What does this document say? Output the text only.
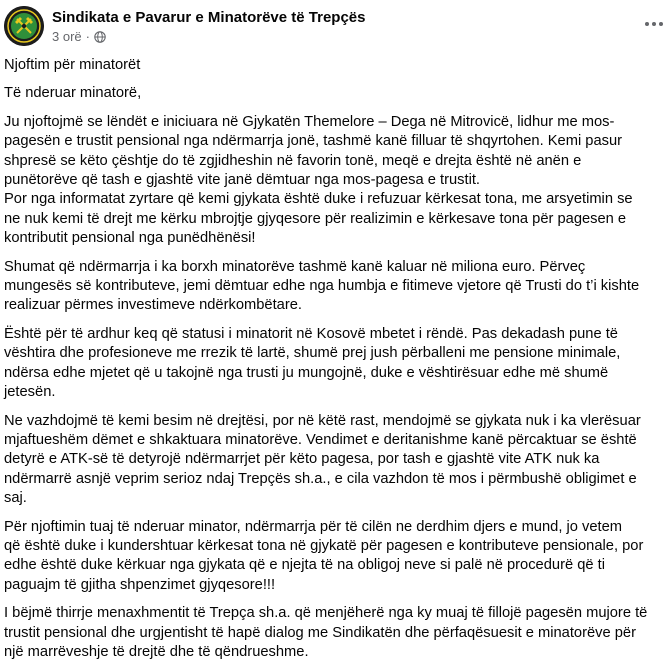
Sindikata e Pavarur e Minatorëve të Trepçës
3 orë ·

Njoftim për minatorët

Të nderuar minatorë,

Ju njoftojmë se lëndët e iniciuara në Gjykatën Themelore – Dega në Mitrovicë, lidhur me mos-
pagesën e trustit pensional nga ndërmarrja jonë, tashmë kanë filluar të shqyrtohen. Kemi pasur
shpresë se këto çështje do të zgjidheshin në favorin tonë, meqë e drejta është në anën e
punëtorëve që tash e gjashtë vite janë dëmtuar nga mos-pagesa e trustit.
Por nga informatat zyrtare që kemi gjykata është duke i refuzuar kërkesat tona, me arsyetimin se
ne nuk kemi të drejt me kërku mbrojtje gjyqesore për realizimin e kërkesave tona për pagesen e
kontributit pensional nga punëdhënësi!

Shumat që ndërmarrja i ka borxh minatorëve tashmë kanë kaluar në miliona euro. Përveç
mungesës së kontributeve, jemi dëmtuar edhe nga humbja e fitimeve vjetore që Trusti do t’i kishte
realizuar përmes investimeve ndërkombëtare.

Është për të ardhur keq që statusi i minatorit në Kosovë mbetet i rëndë. Pas dekadash pune të
vështira dhe profesioneve me rrezik të lartë, shumë prej jush përballeni me pensione minimale,
ndërsa edhe mjetet që u takojnë nga trusti ju mungojnë, duke e vështirësuar edhe më shumë
jetesën.

Ne vazhdojmë të kemi besim në drejtësi, por në këtë rast, mendojmë se gjykata nuk i ka vlerësuar
mjaftueshëm dëmet e shkaktuara minatorëve. Vendimet e deritanishme kanë përcaktuar se është
detyrë e ATK-së të detyrojë ndërmarrjet për këto pagesa, por tash e gjashtë vite ATK nuk ka
ndërmarrë asnjë veprim serioz ndaj Trepçës sh.a., e cila vazhdon të mos i përmbushë obligimet e
saj.

Për njoftimin tuaj të nderuar minator, ndërmarrja për të cilën ne derdhim djers e mund, jo vetem
që është duke i kundershtuar kërkesat tona në gjykatë për pagesen e kontributeve pensionale, por
edhe është duke kërkuar nga gjykata që e njejta të na obligoj neve si palë në procedurë që ti
paguajm të gjitha shpenzimet gjyqesore!!!

I bëjmë thirrje menaxhmentit të Trepça sh.a. që menjëherë nga ky muaj të fillojë pagesën mujore të
trustit pensional dhe urgjentisht të hapë dialog me Sindikatën dhe përfaqësuesit e minatorëve për
një marrëveshje të drejtë dhe të qëndrueshme.
